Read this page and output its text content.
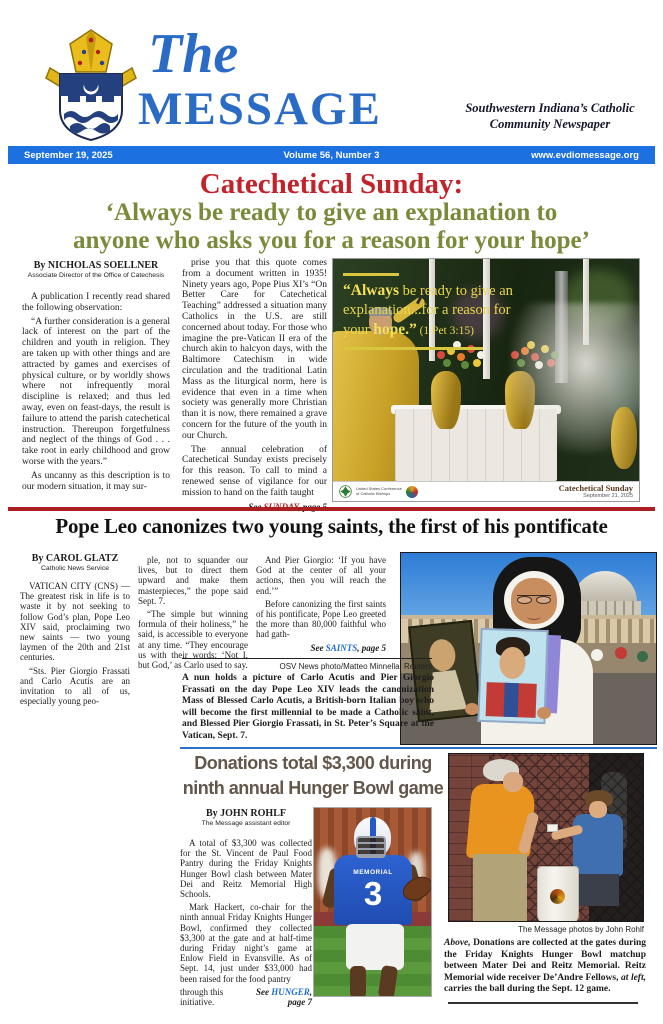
The
MESSAGE	Southwestern Indiana’s Catholic
Community Newspaper
September 19, 2025	Volume 56, Number 3	www.evdiomessage.org
Catechetical Sunday:
‘Always be ready to give an explanation to
anyone who asks you for a reason for your hope’
By NICHOLAS SOELLNER
Associate Director of the Office of Catechesis

A publication I recently read shared the following observation:

“A further consideration is a general lack of interest on the part of the children and youth in religion. They are taken up with other things and are attracted by games and exercises of physical culture, or by worldly shows where not infrequently moral discipline is relaxed; and thus led away, even on feast-days, the result is failure to attend the parish catechetical instruction. Thereupon forgetfulness and neglect of the things of God . . . take root in early childhood and grow worse with the years.”

As uncanny as this description is to our modern situation, it may sur-

prise you that this quote comes from a document written in 1935! Ninety years ago, Pope Pius XI’s “On Better Care for Catechetical Teaching” addressed a situation many Catholics in the U.S. are still concerned about today. For those who imagine the pre-Vatican II era of the church akin to halcyon days, with the Baltimore Catechism in wide circulation and the traditional Latin Mass as the liturgical norm, here is evidence that even in a time when society was generally more Christian than it is now, there remained a grave concern for the future of the youth in our Church.

The annual celebration of Catechetical Sunday exists precisely for this reason. To call to mind a renewed sense of vigilance for our mission to hand on the faith taught

“Always be ready to give an
explanation...for a reason for
your hope.” (1 Pet 3:15)
United States Conference of Catholic Bishops	Catechetical Sunday
September 21, 2025
Pope Leo canonizes two young saints, the first of his pontificate
By CAROL GLATZ
Catholic News Service

VATICAN CITY (CNS) — The greatest risk in life is to waste it by not seeking to follow God’s plan, Pope Leo XIV said, proclaiming two new saints — two young laymen of the 20th and 21st centuries.

“Sts. Pier Giorgio Frassati and Carlo Acutis are an invitation to all of us, especially young peo-

ple, not to squander our lives, but to direct them upward and make them masterpieces,” the pope said Sept. 7.

“The simple but winning formula of their holiness,” he said, is accessible to everyone at any time. “They encourage us with their words: ‘Not I, but God,’ as Carlo used to say.

And Pier Giorgio: ‘If you have God at the center of all your actions, then you will reach the end.’”

Before canonizing the first saints of his pontificate, Pope Leo greeted the more than 80,000 faithful who had gath-

See SAINTS, page 5
OSV News photo/Matteo Minnella, Reuters
A nun holds a picture of Carlo Acutis and Pier Giorgio Frassati on the day Pope Leo XIV leads the canonization Mass of Blessed Carlo Acutis, a British-born Italian boy who will become the first millennial to be made a Catholic saint, and Blessed Pier Giorgio Frassati, in St. Peter’s Square at the Vatican, Sept. 7.
Donations total $3,300 during
ninth annual Hunger Bowl game
By JOHN ROHLF
The Message assistant editor

A total of $3,300 was collected for the St. Vincent de Paul Food Pantry during the Friday Knights Hunger Bowl clash between Mater Dei and Reitz Memorial High Schools.

Mark Hackert, co-chair for the ninth annual Friday Knights Hunger Bowl, confirmed they collected $3,300 at the gate and at half-time during Friday night’s game at Enlow Field in Evansville. As of Sept. 14, just under $33,000 had been raised for the food pantry

through this initiative.
See HUNGER, page 7
MEMORIAL
3
The Message photos by John Rohlf
Above, Donations are collected at the gates during the Friday Knights Hunger Bowl matchup between Mater Dei and Reitz Memorial. Reitz Memorial wide receiver De’Andre Fellows, at left, carries the ball during the Sept. 12 game.
